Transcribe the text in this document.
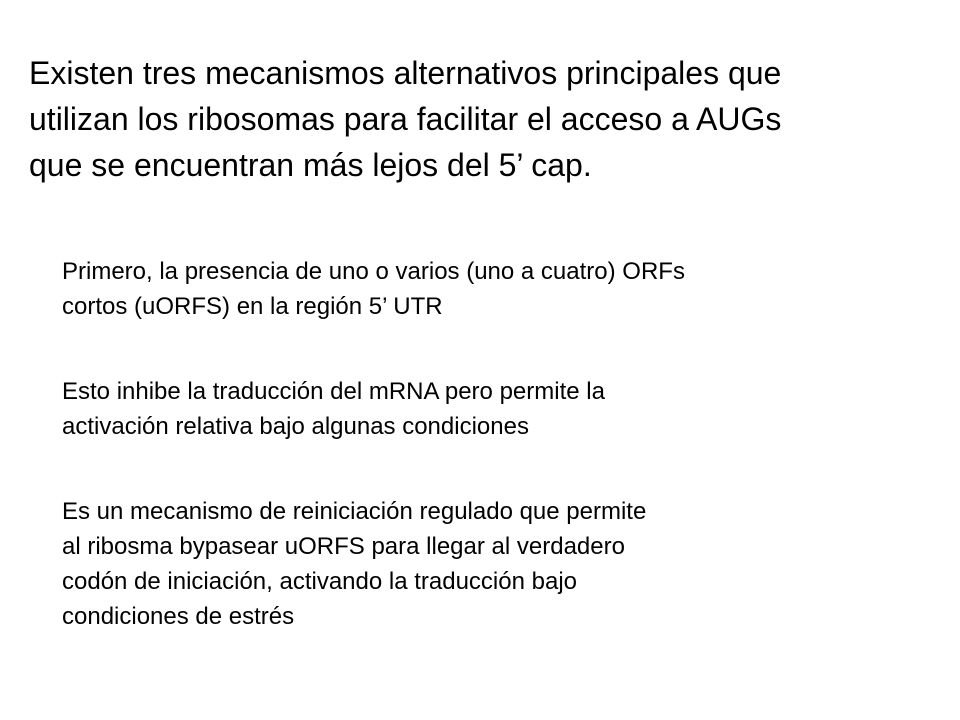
Existen tres mecanismos alternativos principales que
utilizan los ribosomas para facilitar el acceso a AUGs
que se encuentran más lejos del 5’ cap.

Primero, la presencia de uno o varios (uno a cuatro) ORFs
cortos (uORFS) en la región 5’ UTR

Esto inhibe la traducción del mRNA pero permite la
activación relativa bajo algunas condiciones

Es un mecanismo de reiniciación regulado que permite
al ribosma bypasear uORFS para llegar al verdadero
codón de iniciación, activando la traducción bajo
condiciones de estrés
